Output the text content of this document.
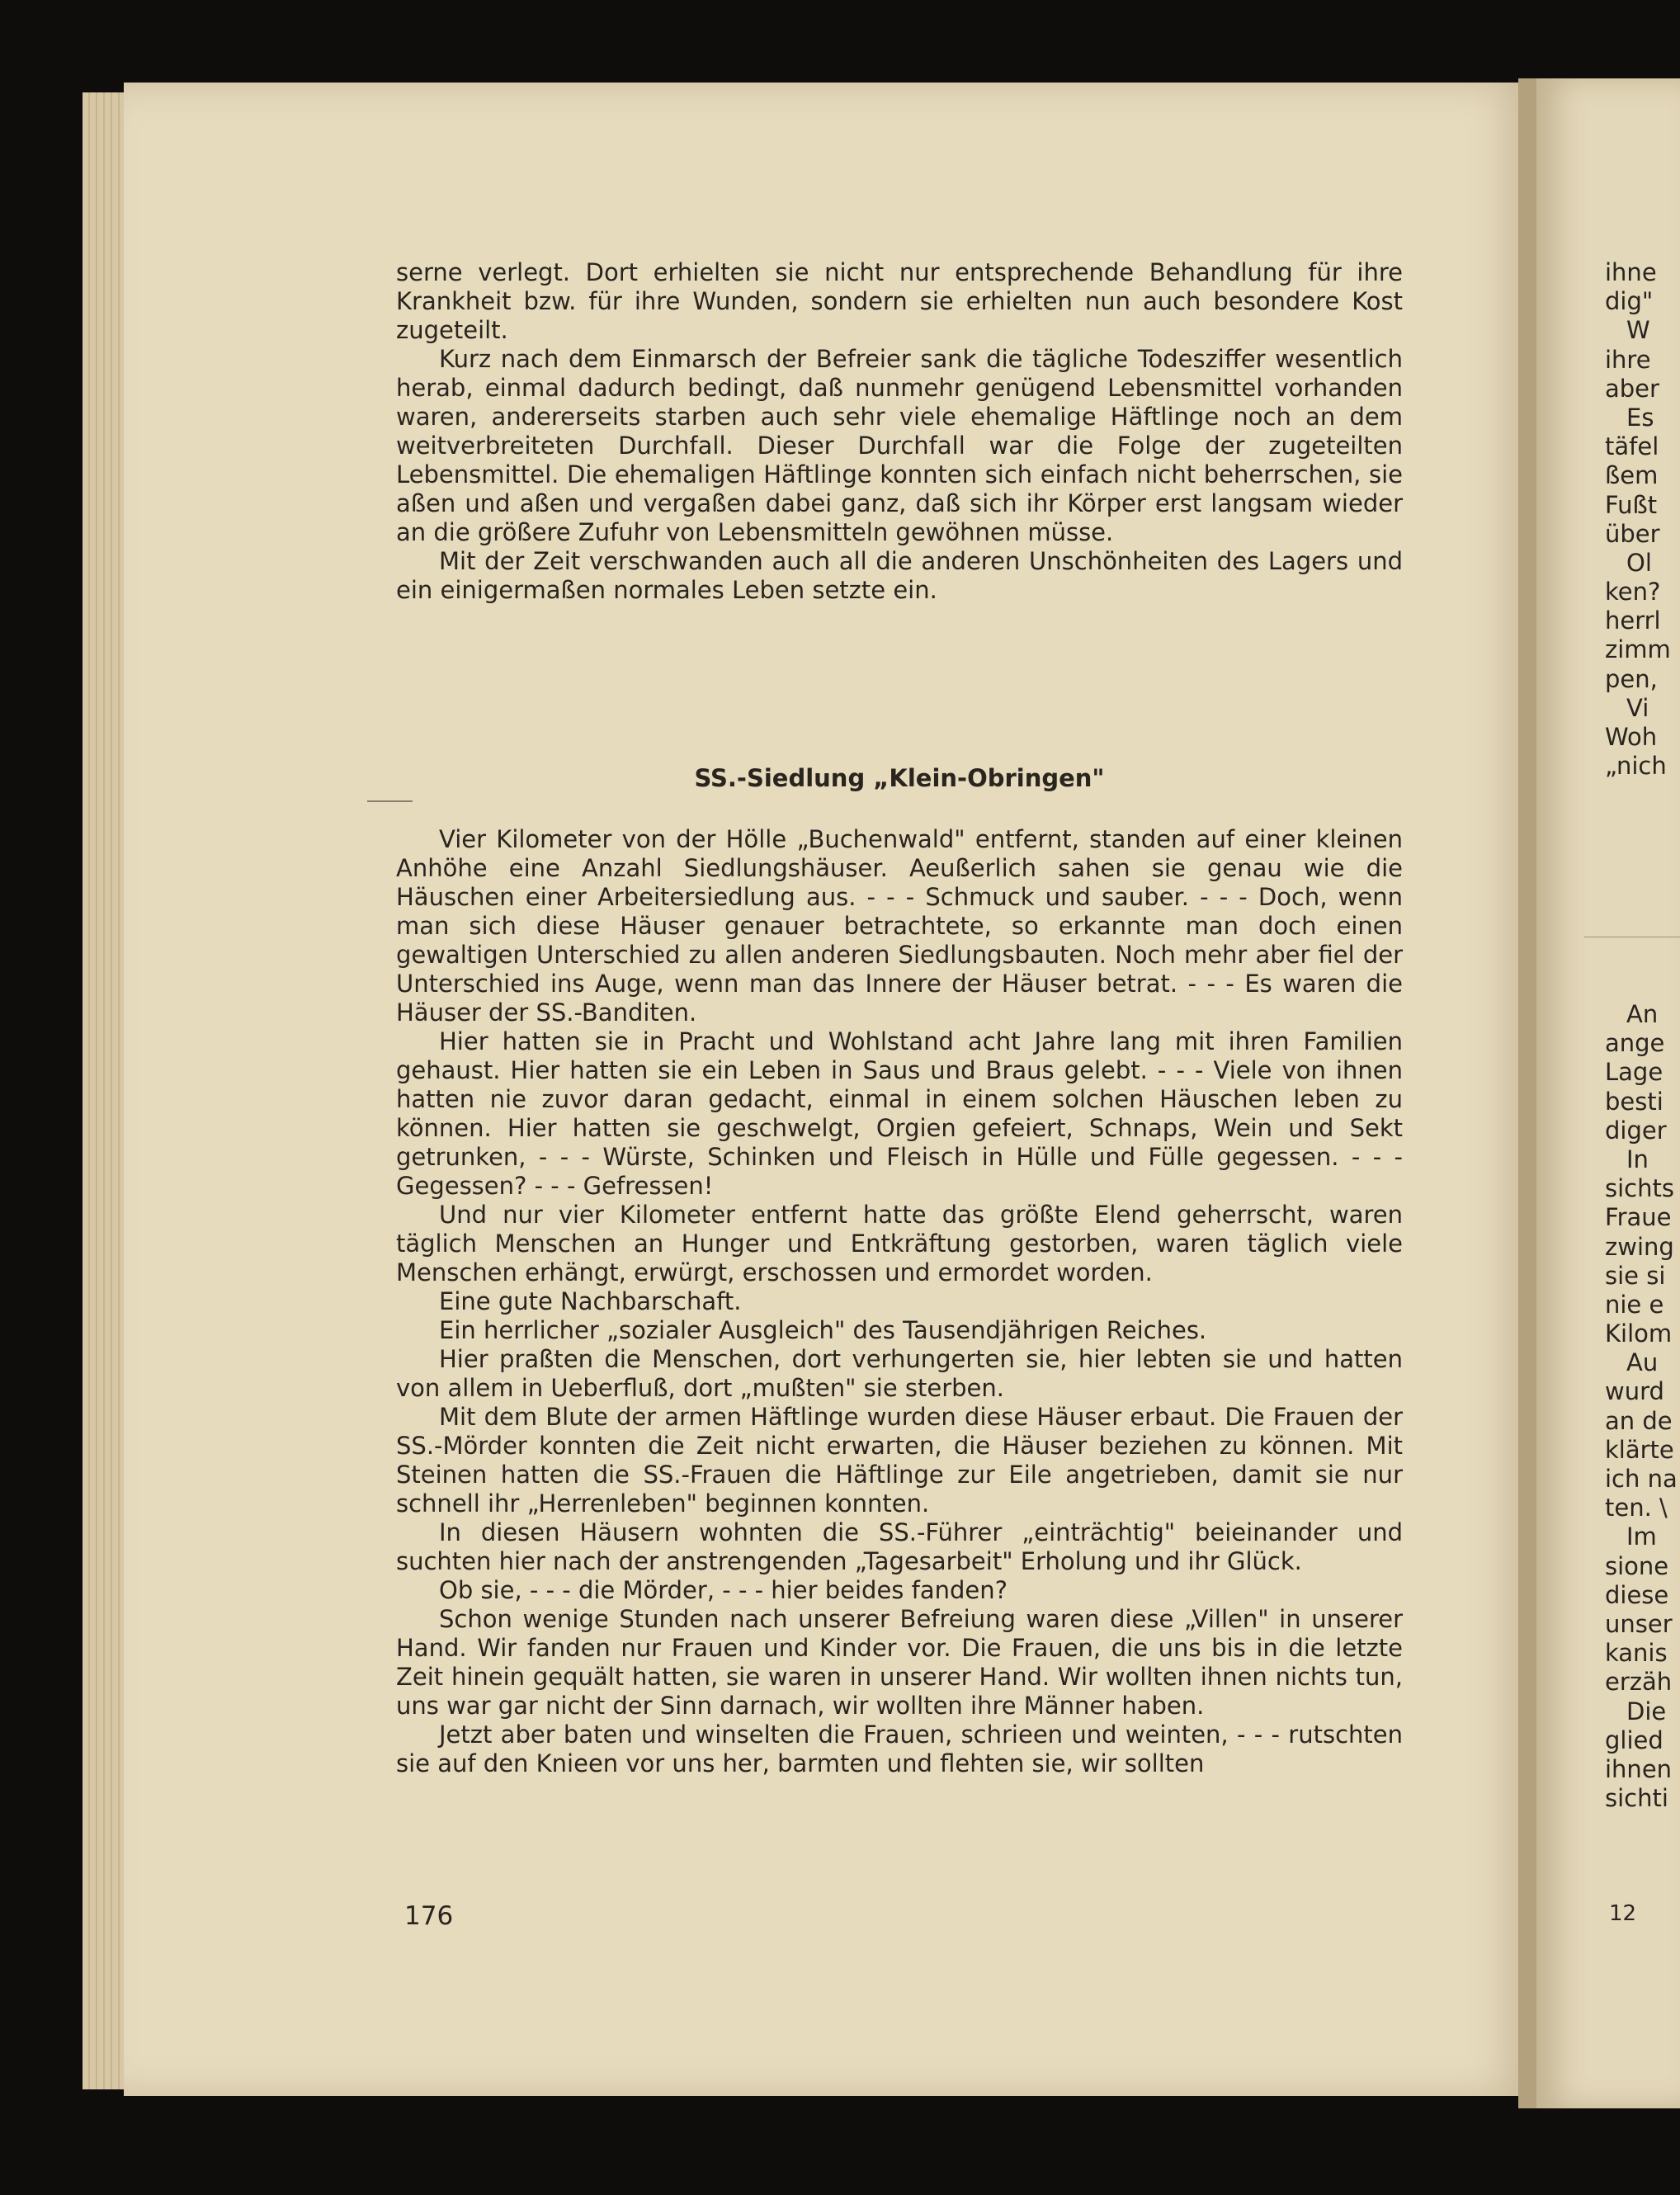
serne verlegt. Dort erhielten sie nicht nur entsprechende Behandlung für ihre Krankheit bzw. für ihre Wunden, sondern sie erhielten nun auch besondere Kost zugeteilt.

Kurz nach dem Einmarsch der Befreier sank die tägliche Todesziffer wesentlich herab, einmal dadurch bedingt, daß nunmehr genügend Lebensmittel vorhanden waren, andererseits starben auch sehr viele ehemalige Häftlinge noch an dem weitverbreiteten Durchfall. Dieser Durchfall war die Folge der zugeteilten Lebensmittel. Die ehemaligen Häftlinge konnten sich einfach nicht beherrschen, sie aßen und aßen und vergaßen dabei ganz, daß sich ihr Körper erst langsam wieder an die größere Zufuhr von Lebensmitteln gewöhnen müsse.

Mit der Zeit verschwanden auch all die anderen Unschönheiten des Lagers und ein einigermaßen normales Leben setzte ein.

SS.-Siedlung „Klein-Obringen"

Vier Kilometer von der Hölle „Buchenwald" entfernt, standen auf einer kleinen Anhöhe eine Anzahl Siedlungshäuser. Aeußerlich sahen sie genau wie die Häuschen einer Arbeitersiedlung aus. - - - Schmuck und sauber. - - - Doch, wenn man sich diese Häuser genauer betrachtete, so erkannte man doch einen gewaltigen Unterschied zu allen anderen Siedlungsbauten. Noch mehr aber fiel der Unterschied ins Auge, wenn man das Innere der Häuser betrat. - - - Es waren die Häuser der SS.-Banditen.

Hier hatten sie in Pracht und Wohlstand acht Jahre lang mit ihren Familien gehaust. Hier hatten sie ein Leben in Saus und Braus gelebt. - - - Viele von ihnen hatten nie zuvor daran gedacht, einmal in einem solchen Häuschen leben zu können. Hier hatten sie geschwelgt, Orgien gefeiert, Schnaps, Wein und Sekt getrunken, - - - Würste, Schinken und Fleisch in Hülle und Fülle gegessen. - - - Gegessen? - - - Gefressen!

Und nur vier Kilometer entfernt hatte das größte Elend geherrscht, waren täglich Menschen an Hunger und Entkräftung gestorben, waren täglich viele Menschen erhängt, erwürgt, erschossen und ermordet worden.

Eine gute Nachbarschaft.

Ein herrlicher „sozialer Ausgleich" des Tausendjährigen Reiches.

Hier praßten die Menschen, dort verhungerten sie, hier lebten sie und hatten von allem in Ueberfluß, dort „mußten" sie sterben.

Mit dem Blute der armen Häftlinge wurden diese Häuser erbaut. Die Frauen der SS.-Mörder konnten die Zeit nicht erwarten, die Häuser beziehen zu können. Mit Steinen hatten die SS.-Frauen die Häftlinge zur Eile angetrieben, damit sie nur schnell ihr „Herrenleben" beginnen konnten.

In diesen Häusern wohnten die SS.-Führer „einträchtig" beieinander und suchten hier nach der anstrengenden „Tagesarbeit" Erholung und ihr Glück.

Ob sie, - - - die Mörder, - - - hier beides fanden?

Schon wenige Stunden nach unserer Befreiung waren diese „Villen" in unserer Hand. Wir fanden nur Frauen und Kinder vor. Die Frauen, die uns bis in die letzte Zeit hinein gequält hatten, sie waren in unserer Hand. Wir wollten ihnen nichts tun, uns war gar nicht der Sinn darnach, wir wollten ihre Männer haben.

Jetzt aber baten und winselten die Frauen, schrieen und weinten, - - - rutschten sie auf den Knieen vor uns her, barmten und flehten sie, wir sollten

176
ihne
dig"
W
ihre
aber
Es
täfel
ßem
Fußt
über
Ol
ken?
herrl
zimm
pen,
Vi
Woh
„nich
An
ange
Lage
besti
diger
In
sichts
Fraue
zwing
sie si
nie e
Kilom
Au
wurd
an de
klärte
ich na
ten. \
Im
sione
diese
unser
kanis
erzäh
Die
glied
ihnen
sichti
12
